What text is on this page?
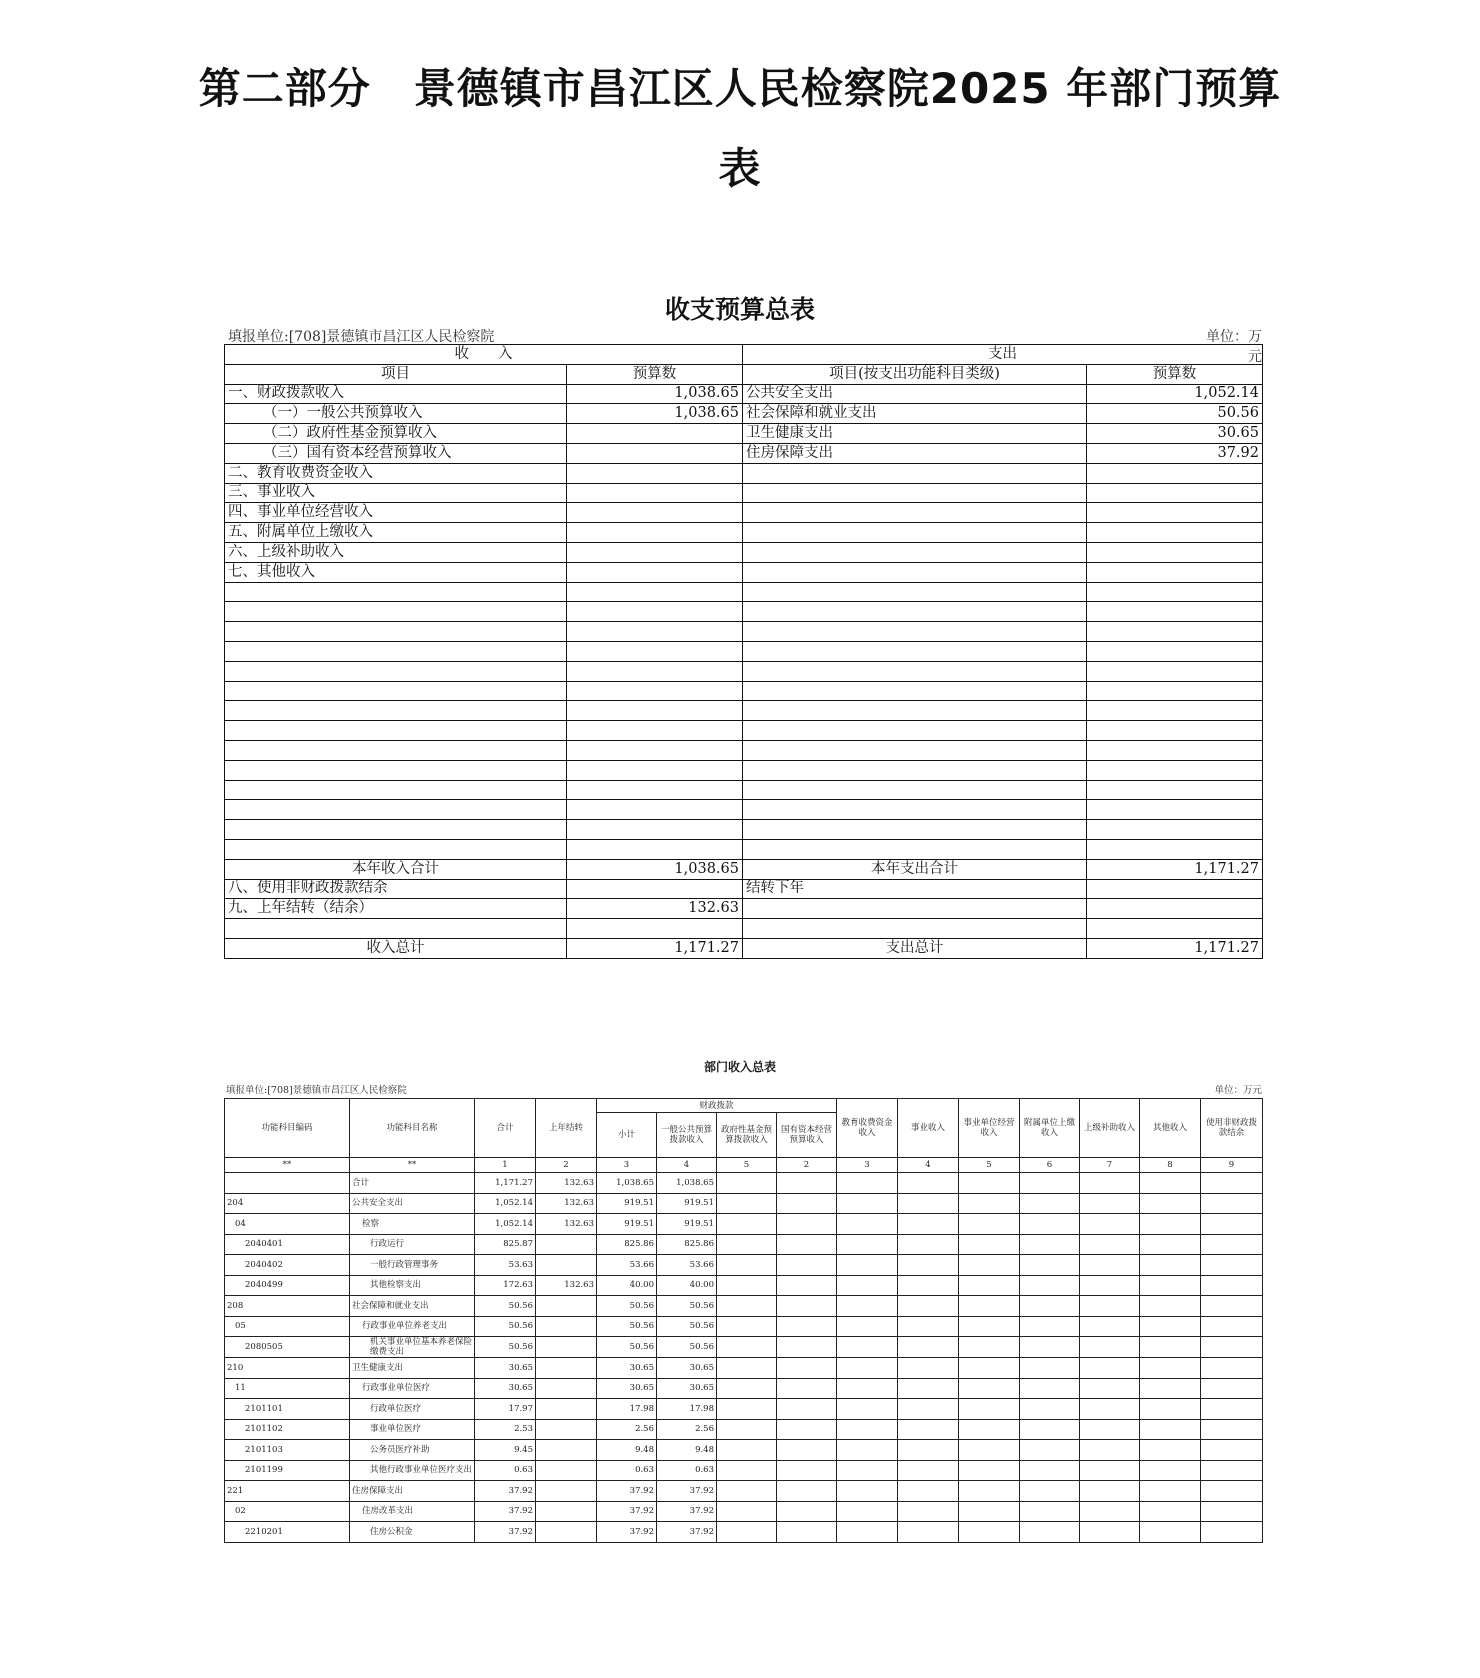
第二部分　景德镇市昌江区人民检察院2025 年部门预算
表
收支预算总表
填报单位:[708]景德镇市昌江区人民检察院	单位：万元
收　　入		支出	
项目	预算数	项目(按支出功能科目类级)	预算数
一、财政拨款收入	1,038.65	公共安全支出	1,052.14
（一）一般公共预算收入	1,038.65	社会保障和就业支出	50.56
（二）政府性基金预算收入		卫生健康支出	30.65
（三）国有资本经营预算收入		住房保障支出	37.92
二、教育收费资金收入			
三、事业收入			
四、事业单位经营收入			
五、附属单位上缴收入			
六、上级补助收入			
七、其他收入			

本年收入合计	1,038.65	本年支出合计	1,171.27
八、使用非财政拨款结余		结转下年	
九、上年结转（结余）	132.63		

收入总计	1,171.27	支出总计	1,171.27
部门收入总表
填报单位:[708]景德镇市昌江区人民检察院	单位：万元
功能科目编码	功能科目名称	合计	上年结转	财政拨款				教育收费资金收入	事业收入	事业单位经营收入	附属单位上缴收入	上级补助收入	其他收入	使用非财政拨款结余
				小计	一般公共预算拨款收入	政府性基金预算拨款收入	国有资本经营预算收入							
**	**	1	2	3	4	5	2	3	4	5	6	7	8	9
	合计	1,171.27	132.63	1,038.65	1,038.65									
204	公共安全支出	1,052.14	132.63	919.51	919.51									
04	检察	1,052.14	132.63	919.51	919.51									
2040401	行政运行	825.87		825.86	825.86									
2040402	一般行政管理事务	53.63		53.66	53.66									
2040499	其他检察支出	172.63	132.63	40.00	40.00									
208	社会保障和就业支出	50.56		50.56	50.56									
05	行政事业单位养老支出	50.56		50.56	50.56									
2080505	机关事业单位基本养老保险缴费支出	50.56		50.56	50.56									
210	卫生健康支出	30.65		30.65	30.65									
11	行政事业单位医疗	30.65		30.65	30.65									
2101101	行政单位医疗	17.97		17.98	17.98									
2101102	事业单位医疗	2.53		2.56	2.56									
2101103	公务员医疗补助	9.45		9.48	9.48									
2101199	其他行政事业单位医疗支出	0.63		0.63	0.63									
221	住房保障支出	37.92		37.92	37.92									
02	住房改革支出	37.92		37.92	37.92									
2210201	住房公积金	37.92		37.92	37.92									
